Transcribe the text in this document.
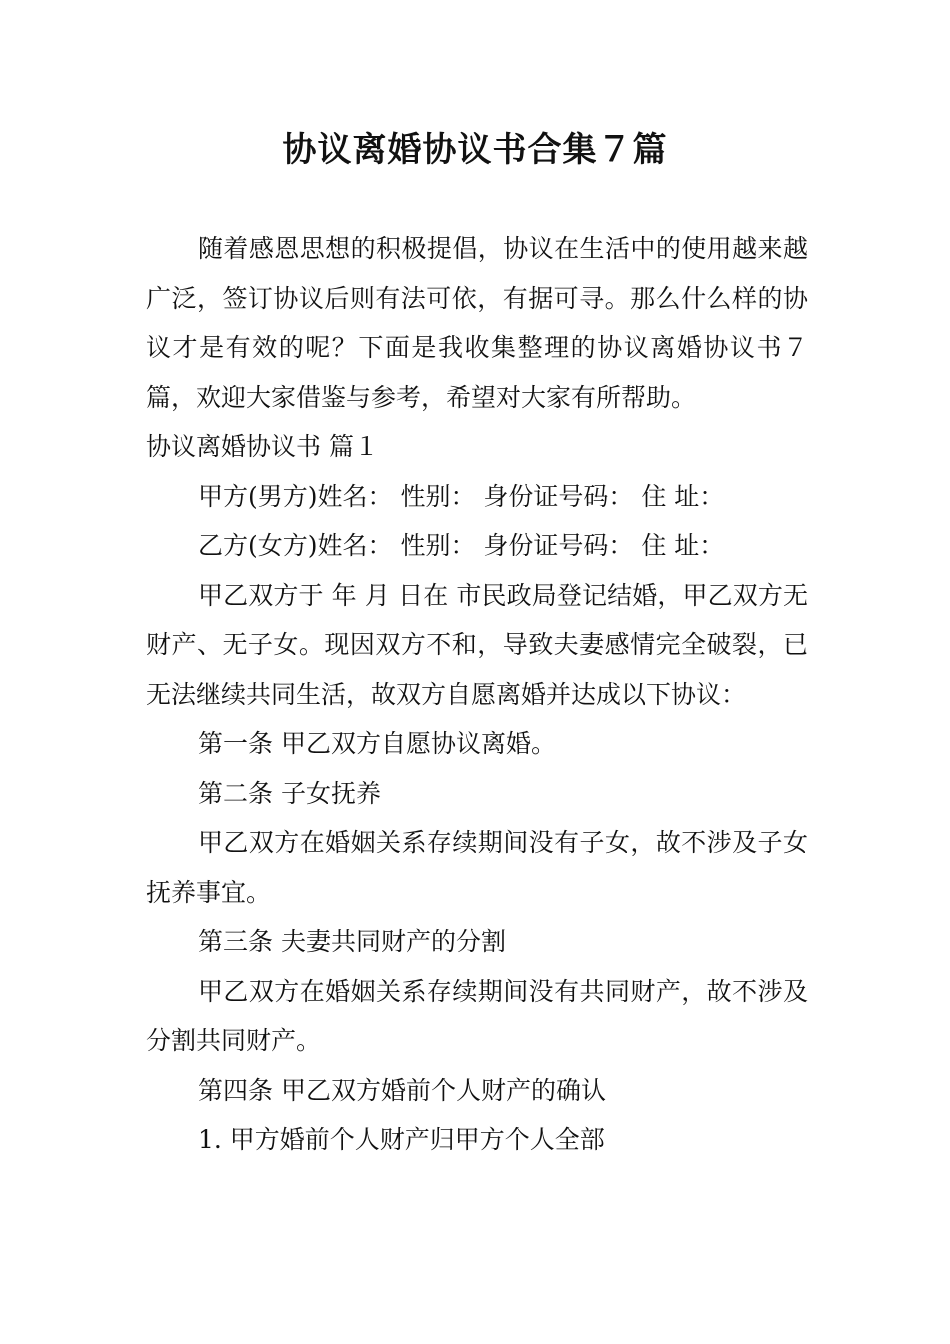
协议离婚协议书合集７篇

随着感恩思想的积极提倡，协议在生活中的使用越来越广泛，签订协议后则有法可依，有据可寻。那么什么样的协议才是有效的呢？下面是我收集整理的协议离婚协议书７篇，欢迎大家借鉴与参考，希望对大家有所帮助。

协议离婚协议书 篇１

甲方(男方)姓名： 性别： 身份证号码： 住 址：

乙方(女方)姓名： 性别： 身份证号码： 住 址：

甲乙双方于 年 月 日在 市民政局登记结婚，甲乙双方无财产、无子女。现因双方不和，导致夫妻感情完全破裂，已无法继续共同生活，故双方自愿离婚并达成以下协议：

第一条 甲乙双方自愿协议离婚。

第二条 子女抚养

甲乙双方在婚姻关系存续期间没有子女，故不涉及子女抚养事宜。

第三条 夫妻共同财产的分割

甲乙双方在婚姻关系存续期间没有共同财产，故不涉及分割共同财产。

第四条 甲乙双方婚前个人财产的确认

1. 甲方婚前个人财产归甲方个人全部
